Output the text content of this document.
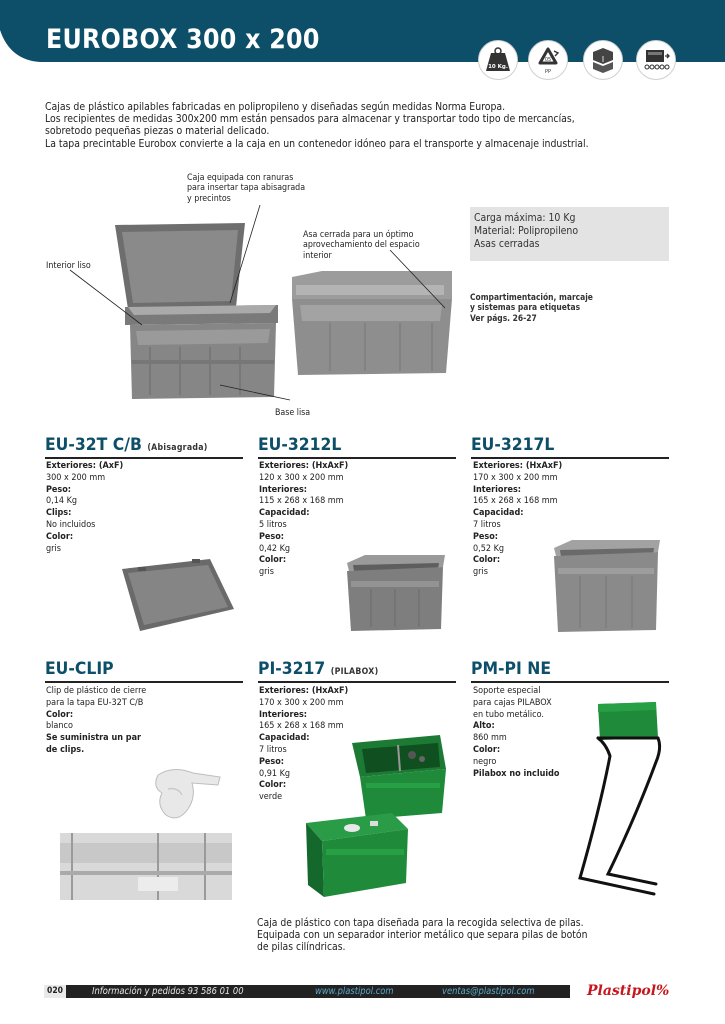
EUROBOX 300 x 200
10 Kg.
05
PP
Cajas de plástico apilables fabricadas en polipropileno y diseñadas según medidas Norma Europa.
Los recipientes de medidas 300x200 mm están pensados para almacenar y transportar todo tipo de mercancías,
sobretodo pequeñas piezas o material delicado.
La tapa precintable Eurobox convierte a la caja en un contenedor idóneo para el transporte y almacenaje industrial.
Caja equipada con ranuras
para insertar tapa abisagrada
y precintos
Asa cerrada para un óptimo
aprovechamiento del espacio
interior
Interior liso
Base lisa
Carga máxima: 10 Kg
Material: Polipropileno
Asas cerradas
Compartimentación, marcaje
y sistemas para etiquetas
Ver págs. 26-27
EU-32T C/B (Abisagrada)
Exteriores: (AxF)
300 x 200 mm
Peso:
0,14 Kg
Clips:
No incluidos
Color:
gris
EU-3212L
Exteriores: (HxAxF)
120 x 300 x 200 mm
Interiores:
115 x 268 x 168 mm
Capacidad:
5 litros
Peso:
0,42 Kg
Color:
gris
EU-3217L
Exteriores: (HxAxF)
170 x 300 x 200 mm
Interiores:
165 x 268 x 168 mm
Capacidad:
7 litros
Peso:
0,52 Kg
Color:
gris
EU-CLIP
Clip de plástico de cierre
para la tapa EU-32T C/B
Color:
blanco
Se suministra un par
de clips.
PI-3217 (PILABOX)
Exteriores: (HxAxF)
170 x 300 x 200 mm
Interiores:
165 x 268 x 168 mm
Capacidad:
7 litros
Peso:
0,91 Kg
Color:
verde
PM-PI NE
Soporte especial
para cajas PILABOX
en tubo metálico.
Alto:
860 mm
Color:
negro
Pilabox no incluido
Caja de plástico con tapa diseñada para la recogida selectiva de pilas.
Equipada con un separador interior metálico que separa pilas de botón
de pilas cilíndricas.
020	Información y pedidos 93 586 01 00	www.plastipol.com	ventas@plastipol.com	Plastipol%
